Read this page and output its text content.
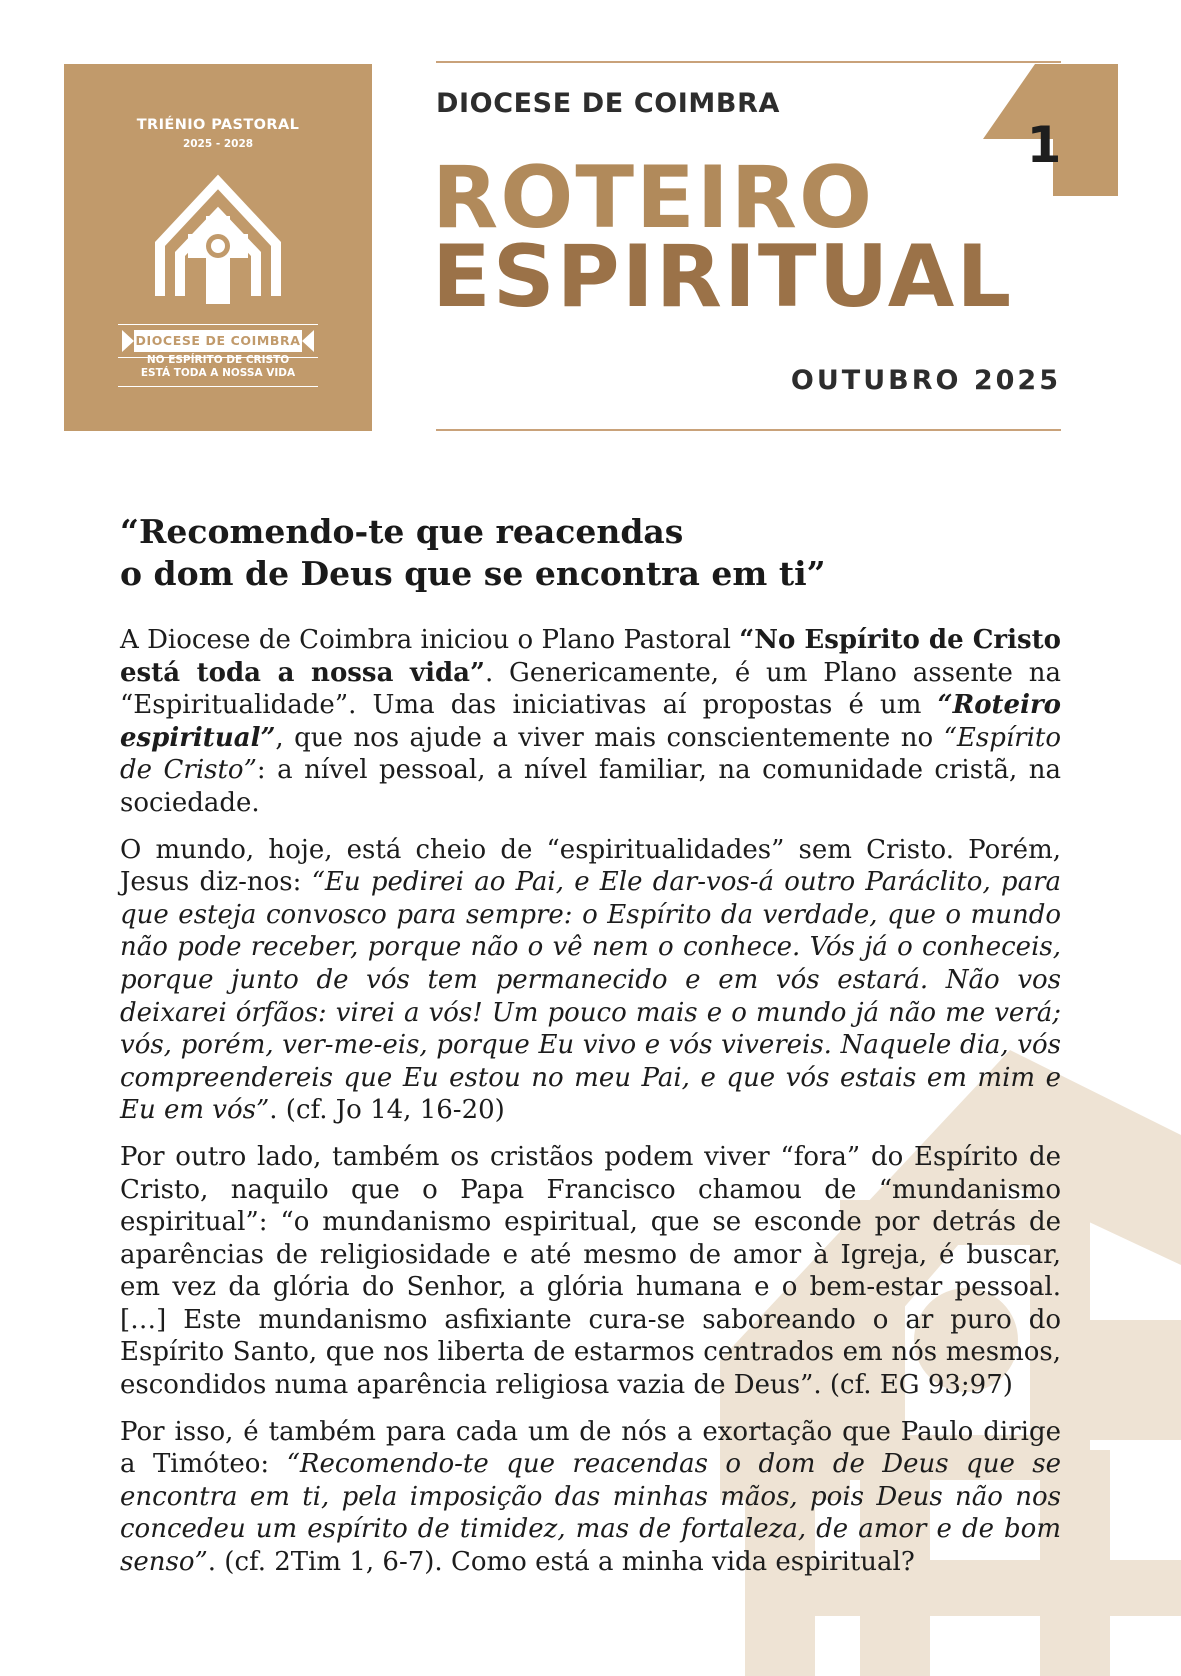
TRIÉNIO PASTORAL
2025 - 2028
DIOCESE DE COIMBRA
NO ESPÍRITO DE CRISTO
ESTÁ TODA A NOSSA VIDA
DIOCESE DE COIMBRA
ROTEIRO
ESPIRITUAL
OUTUBRO 2025
1
“Recomendo-te que reacendas
o dom de Deus que se encontra em ti”

A Diocese de Coimbra iniciou o Plano Pastoral “No Espírito de Cristo está toda a nossa vida”. Genericamente, é um Plano assente na “Espiritualidade”. Uma das iniciativas aí propostas é um “Roteiro espiritual”, que nos ajude a viver mais conscientemente no “Espírito de Cristo”: a nível pessoal, a nível familiar, na comunidade cristã, na sociedade.

O mundo, hoje, está cheio de “espiritualidades” sem Cristo. Porém, Jesus diz-nos: “Eu pedirei ao Pai, e Ele dar-vos-á outro Paráclito, para que esteja convosco para sempre: o Espírito da verdade, que o mundo não pode receber, porque não o vê nem o conhece. Vós já o conheceis, porque junto de vós tem permanecido e em vós estará. Não vos deixarei órfãos: virei a vós! Um pouco mais e o mundo já não me verá; vós, porém, ver-me-eis, porque Eu vivo e vós vivereis. Naquele dia, vós compreendereis que Eu estou no meu Pai, e que vós estais em mim e Eu em vós”. (cf. Jo 14, 16-20)

Por outro lado, também os cristãos podem viver “fora” do Espírito de Cristo, naquilo que o Papa Francisco chamou de “mundanismo espiritual”: “o mundanismo espiritual, que se esconde por detrás de aparências de religiosidade e até mesmo de amor à Igreja, é buscar, em vez da glória do Senhor, a glória humana e o bem-estar pessoal. […] Este mundanismo asfixiante cura-se saboreando o ar puro do Espírito Santo, que nos liberta de estarmos centrados em nós mesmos, escondidos numa aparência religiosa vazia de Deus”. (cf. EG 93;97)

Por isso, é também para cada um de nós a exortação que Paulo dirige a Timóteo: “Recomendo-te que reacendas o dom de Deus que se encontra em ti, pela imposição das minhas mãos, pois Deus não nos concedeu um espírito de timidez, mas de fortaleza, de amor e de bom senso”. (cf. 2Tim 1, 6-7). Como está a minha vida espiritual?
